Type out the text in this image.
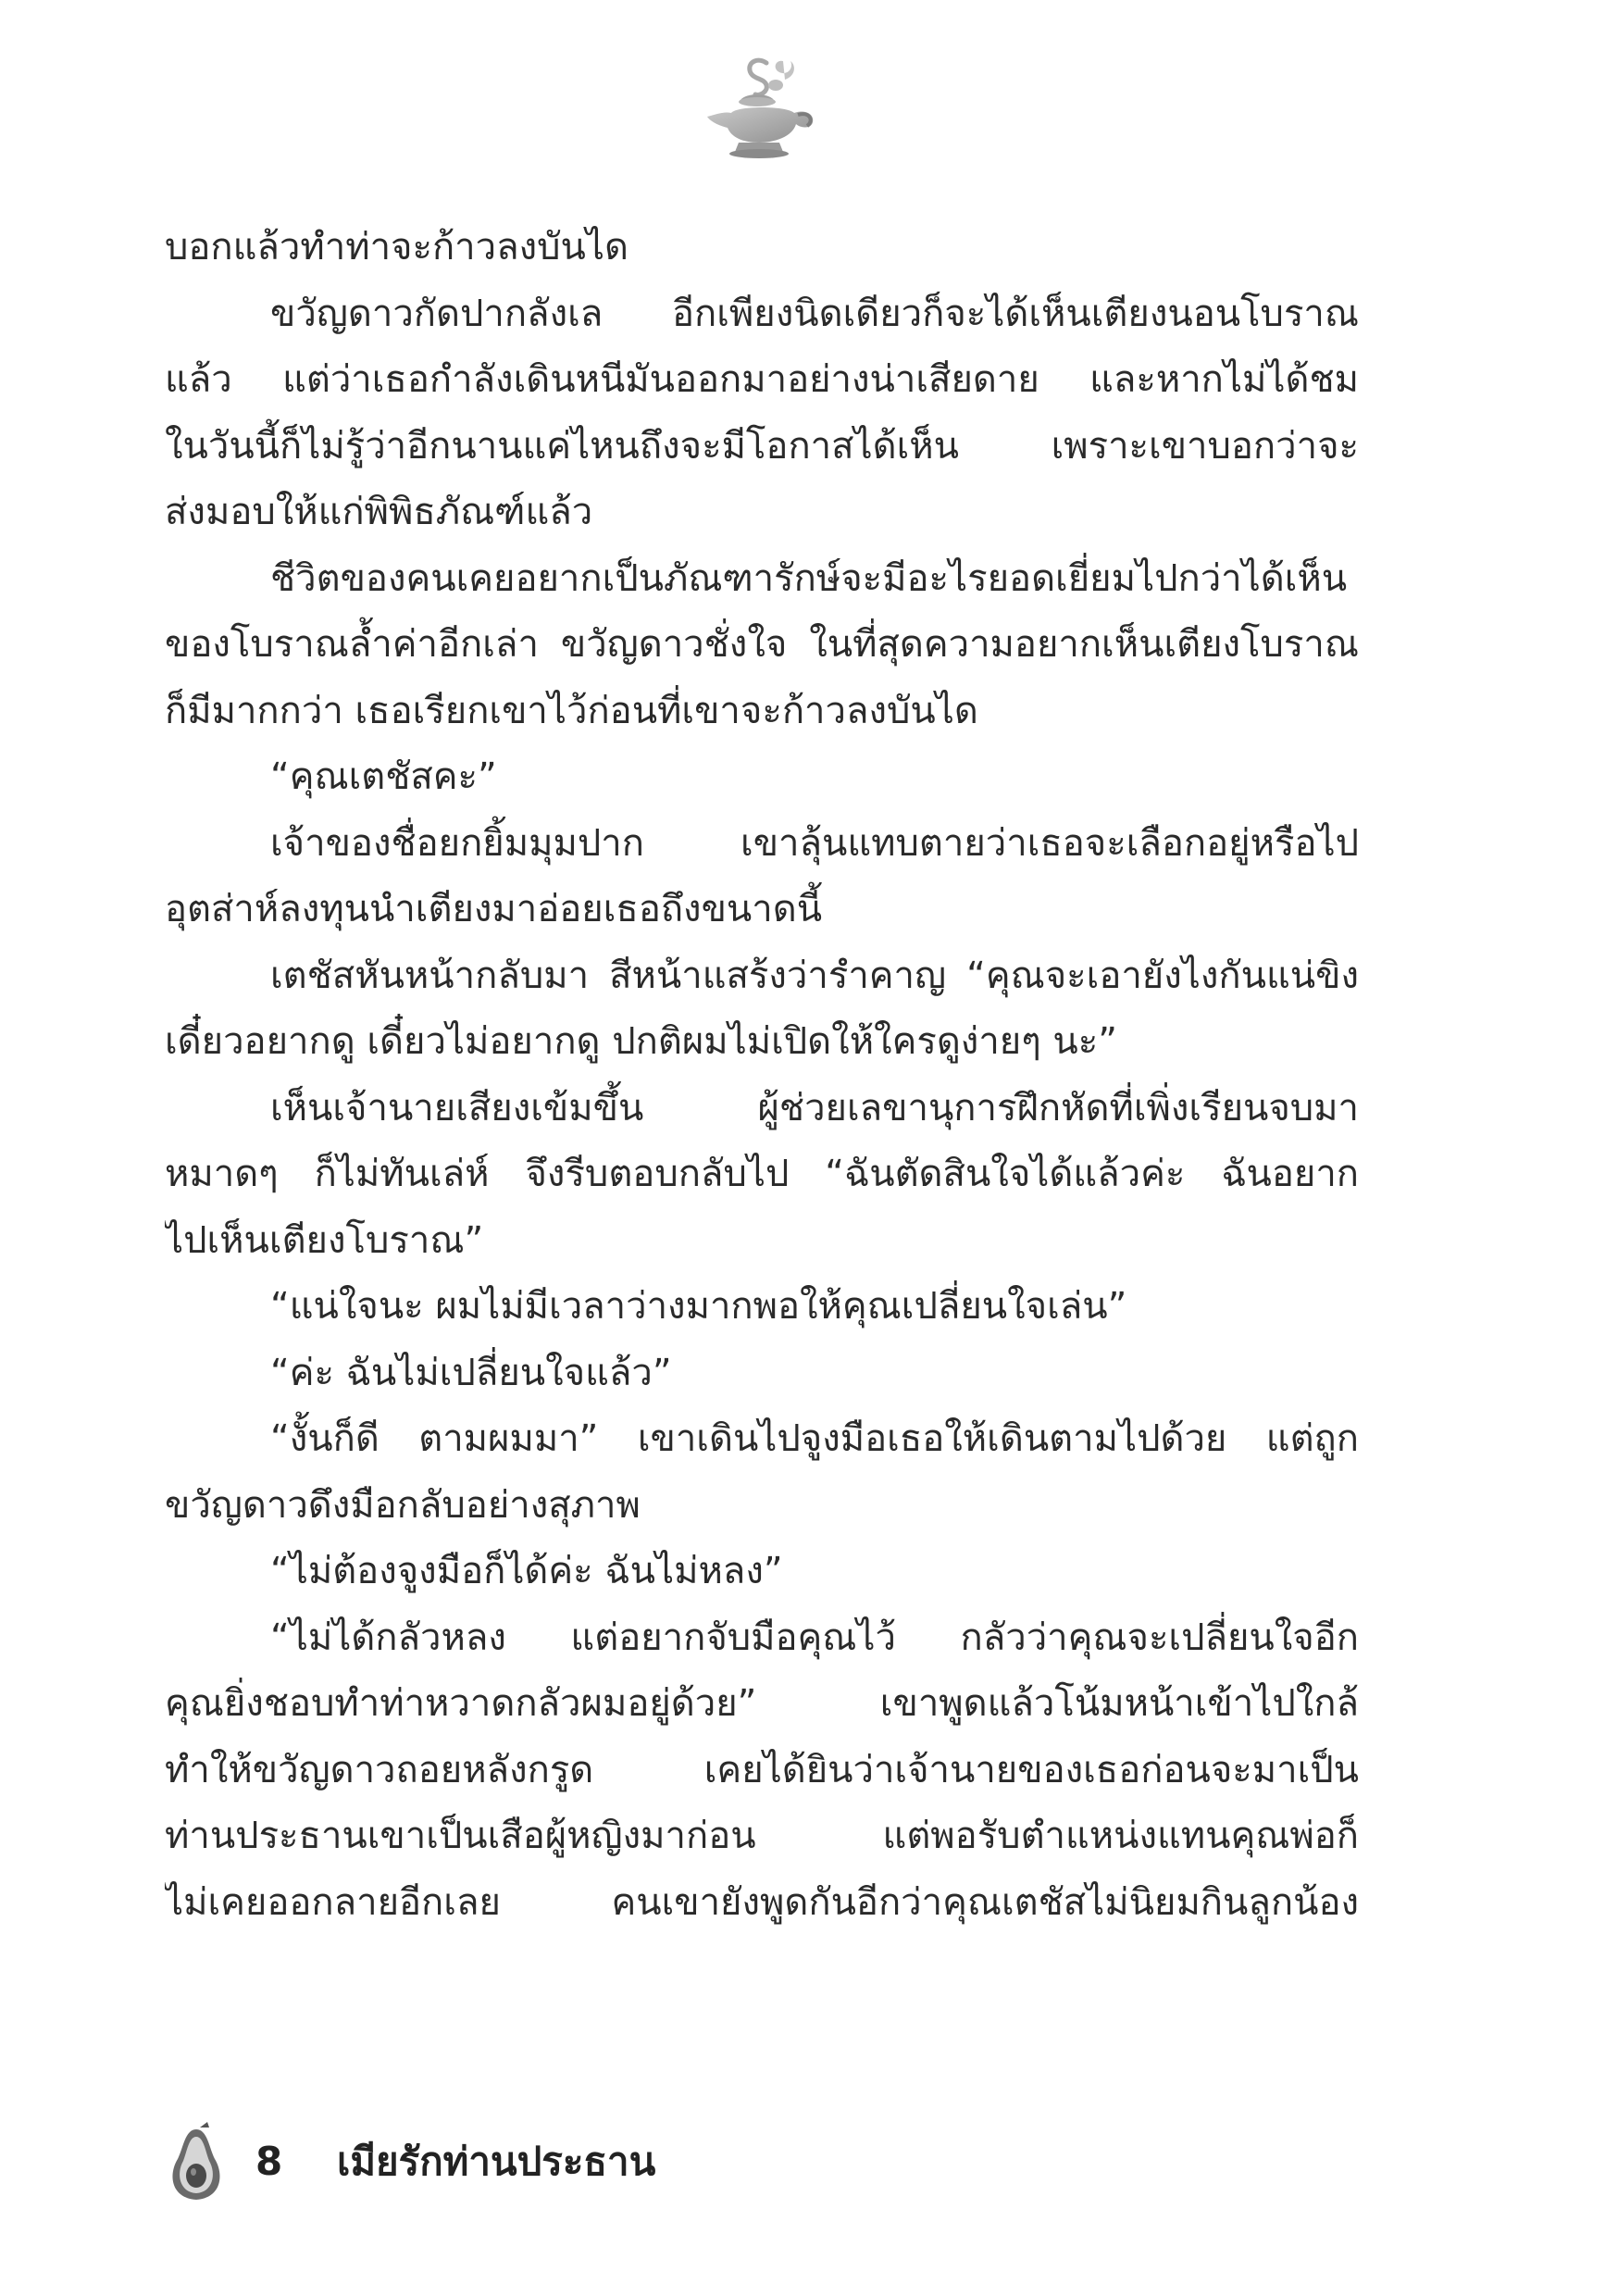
บอกแล้วทำท่าจะก้าวลงบันได
ขวัญดาวกัดปากลังเล อีกเพียงนิดเดียวก็จะได้เห็นเตียงนอนโบราณ
แล้ว แต่ว่าเธอกำลังเดินหนีมันออกมาอย่างน่าเสียดาย และหากไม่ได้ชม
ในวันนี้ก็ไม่รู้ว่าอีกนานแค่ไหนถึงจะมีโอกาสได้เห็น เพราะเขาบอกว่าจะ
ส่งมอบให้แก่พิพิธภัณฑ์แล้ว
ชีวิตของคนเคยอยากเป็นภัณฑารักษ์จะมีอะไรยอดเยี่ยมไปกว่าได้เห็น
ของโบราณล้ำค่าอีกเล่า ขวัญดาวชั่งใจ ในที่สุดความอยากเห็นเตียงโบราณ
ก็มีมากกว่า เธอเรียกเขาไว้ก่อนที่เขาจะก้าวลงบันได
“คุณเตชัสคะ”
เจ้าของชื่อยกยิ้มมุมปาก เขาลุ้นแทบตายว่าเธอจะเลือกอยู่หรือไป
อุตส่าห์ลงทุนนำเตียงมาอ่อยเธอถึงขนาดนี้
เตชัสหันหน้ากลับมา สีหน้าแสร้งว่ารำคาญ “คุณจะเอายังไงกันแน่ขิง
เดี๋ยวอยากดู เดี๋ยวไม่อยากดู ปกติผมไม่เปิดให้ใครดูง่ายๆ นะ”
เห็นเจ้านายเสียงเข้มขึ้น ผู้ช่วยเลขานุการฝึกหัดที่เพิ่งเรียนจบมา
หมาดๆ ก็ไม่ทันเล่ห์ จึงรีบตอบกลับไป “ฉันตัดสินใจได้แล้วค่ะ ฉันอยาก
ไปเห็นเตียงโบราณ”
“แน่ใจนะ ผมไม่มีเวลาว่างมากพอให้คุณเปลี่ยนใจเล่น”
“ค่ะ ฉันไม่เปลี่ยนใจแล้ว”
“งั้นก็ดี ตามผมมา” เขาเดินไปจูงมือเธอให้เดินตามไปด้วย แต่ถูก
ขวัญดาวดึงมือกลับอย่างสุภาพ
“ไม่ต้องจูงมือก็ได้ค่ะ ฉันไม่หลง”
“ไม่ได้กลัวหลง แต่อยากจับมือคุณไว้ กลัวว่าคุณจะเปลี่ยนใจอีก
คุณยิ่งชอบทำท่าหวาดกลัวผมอยู่ด้วย” เขาพูดแล้วโน้มหน้าเข้าไปใกล้
ทำให้ขวัญดาวถอยหลังกรูด เคยได้ยินว่าเจ้านายของเธอก่อนจะมาเป็น
ท่านประธานเขาเป็นเสือผู้หญิงมาก่อน แต่พอรับตำแหน่งแทนคุณพ่อก็
ไม่เคยออกลายอีกเลย คนเขายังพูดกันอีกว่าคุณเตชัสไม่นิยมกินลูกน้อง
8 เมียรักท่านประธาน
